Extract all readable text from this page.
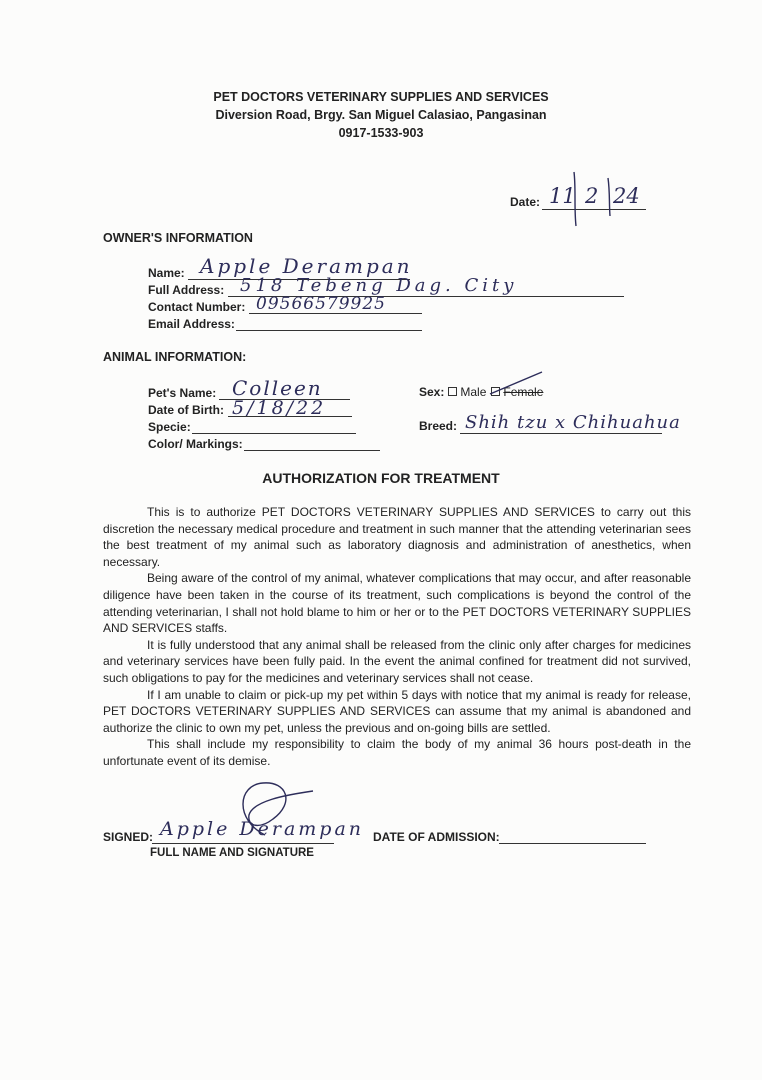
PET DOCTORS VETERINARY SUPPLIES AND SERVICES
Diversion Road, Brgy. San Miguel Calasiao, Pangasinan
0917-1533-903
Date: 11 2 24
OWNER'S INFORMATION
Name: Apple Derampan
Full Address: 518 Tebeng Dag. City
Contact Number: 09566579925
Email Address:
ANIMAL INFORMATION:
Pet's Name: Colleen
Date of Birth: 5/18/22
Specie:
Color/ Markings:
Sex: Male Female
Breed: Shih tzu x Chihuahua
AUTHORIZATION FOR TREATMENT

This is to authorize PET DOCTORS VETERINARY SUPPLIES AND SERVICES to carry out this discretion the necessary medical procedure and treatment in such manner that the attending veterinarian sees the best treatment of my animal such as laboratory diagnosis and administration of anesthetics, when necessary.

Being aware of the control of my animal, whatever complications that may occur, and after reasonable diligence have been taken in the course of its treatment, such complications is beyond the control of the attending veterinarian, I shall not hold blame to him or her or to the PET DOCTORS VETERINARY SUPPLIES AND SERVICES staffs.

It is fully understood that any animal shall be released from the clinic only after charges for medicines and veterinary services have been fully paid. In the event the animal confined for treatment did not survived, such obligations to pay for the medicines and veterinary services shall not cease.

If I am unable to claim or pick-up my pet within 5 days with notice that my animal is ready for release, PET DOCTORS VETERINARY SUPPLIES AND SERVICES can assume that my animal is abandoned and authorize the clinic to own my pet, unless the previous and on-going bills are settled.

This shall include my responsibility to claim the body of my animal 36 hours post-death in the unfortunate event of its demise.

SIGNED: Apple Derampan
FULL NAME AND SIGNATURE
DATE OF ADMISSION:
